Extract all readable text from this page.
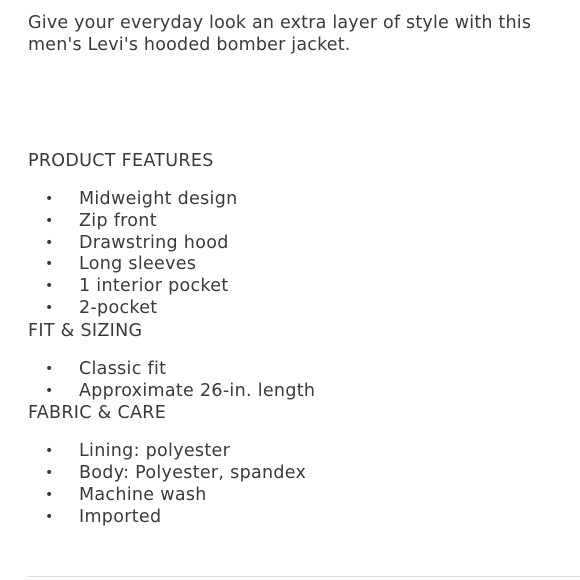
Give your everyday look an extra layer of style with this men's Levi's hooded bomber jacket.

PRODUCT FEATURES
• Midweight design
• Zip front
• Drawstring hood
• Long sleeves
• 1 interior pocket
• 2-pocket
FIT & SIZING
• Classic fit
• Approximate 26-in. length
FABRIC & CARE
• Lining: polyester
• Body: Polyester, spandex
• Machine wash
• Imported
